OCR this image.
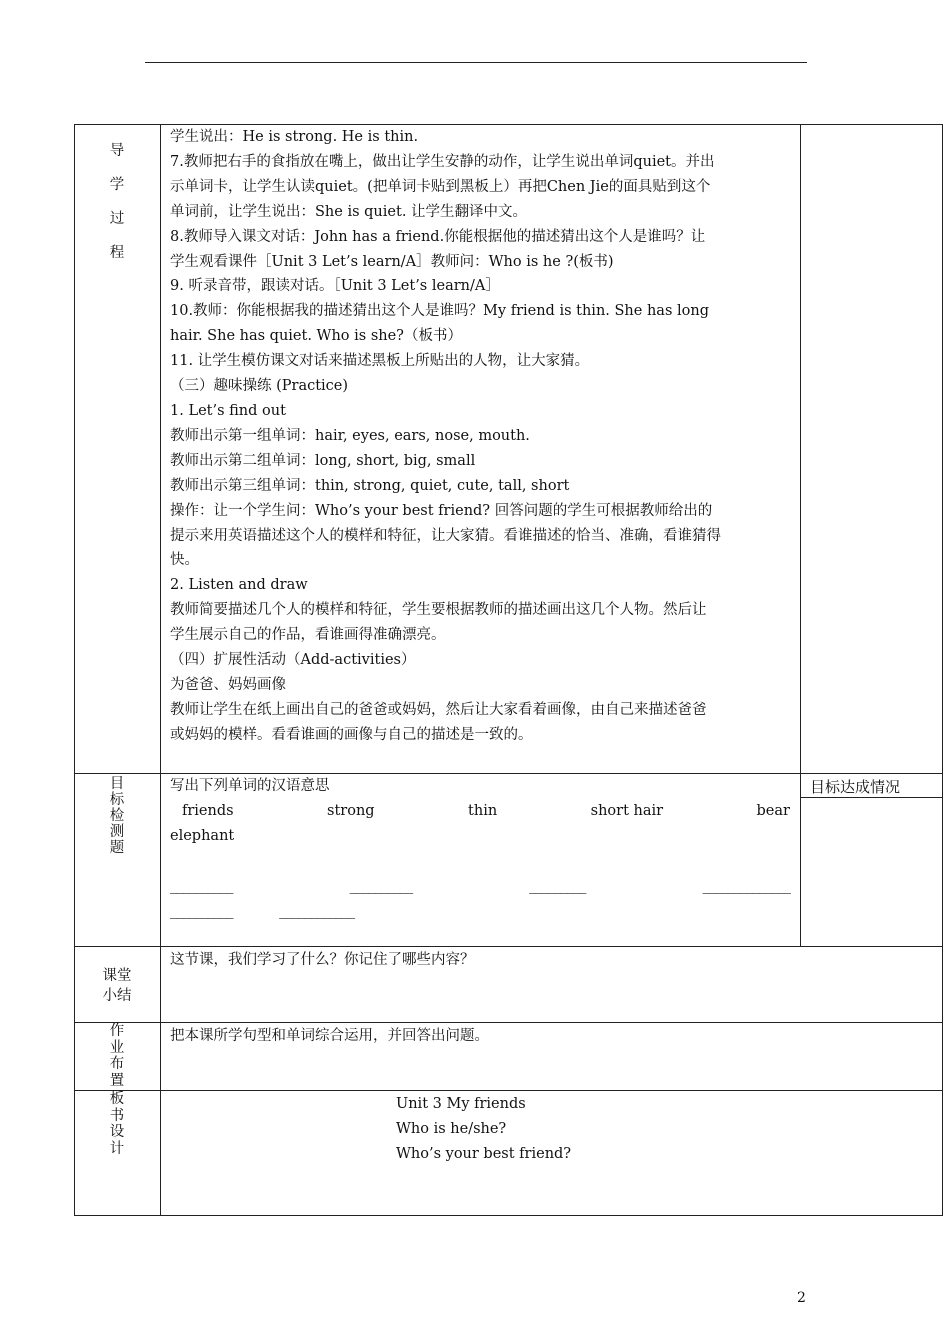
导
学
过
程
学生说出：He is strong. He is thin.
7.教师把右手的食指放在嘴上，做出让学生安静的动作，让学生说出单词quiet。并出
示单词卡，让学生认读quiet。(把单词卡贴到黑板上）再把Chen Jie的面具贴到这个
单词前，让学生说出：She is quiet. 让学生翻译中文。
8.教师导入课文对话：John has a friend.你能根据他的描述猜出这个人是谁吗？让
学生观看课件［Unit 3 Let’s learn/A］教师问：Who is he ?(板书)
9. 听录音带，跟读对话。［Unit 3 Let’s learn/A］
10.教师：你能根据我的描述猜出这个人是谁吗？My friend is thin. She has long
hair. She has quiet. Who is she?（板书）
11. 让学生模仿课文对话来描述黑板上所贴出的人物，让大家猜。
（三）趣味操练 (Practice)
1. Let’s find out
教师出示第一组单词：hair, eyes, ears, nose, mouth.
教师出示第二组单词：long, short, big, small
教师出示第三组单词：thin, strong, quiet, cute, tall, short
操作：让一个学生问：Who’s your best friend? 回答问题的学生可根据教师给出的
提示来用英语描述这个人的模样和特征，让大家猜。看谁描述的恰当、准确，看谁猜得
快。
2. Listen and draw
教师简要描述几个人的模样和特征，学生要根据教师的描述画出这几个人物。然后让
学生展示自己的作品，看谁画得准确漂亮。
（四）扩展性活动（Add-activities）
为爸爸、妈妈画像
教师让学生在纸上画出自己的爸爸或妈妈，然后让大家看着画像，由自己来描述爸爸
或妈妈的模样。看看谁画的画像与自己的描述是一致的。
目
标
检
测
题
写出下列单词的汉语意思
friends	strong	thin	short hair	bear
elephant
__________	__________	_________	______________
__________	____________
目标达成情况
课堂
小结
这节课，我们学习了什么？你记住了哪些内容？
作
业
布
置
把本课所学句型和单词综合运用，并回答出问题。
板
书
设
计
Unit 3 My friends
Who is he/she?
Who’s your best friend?
2
